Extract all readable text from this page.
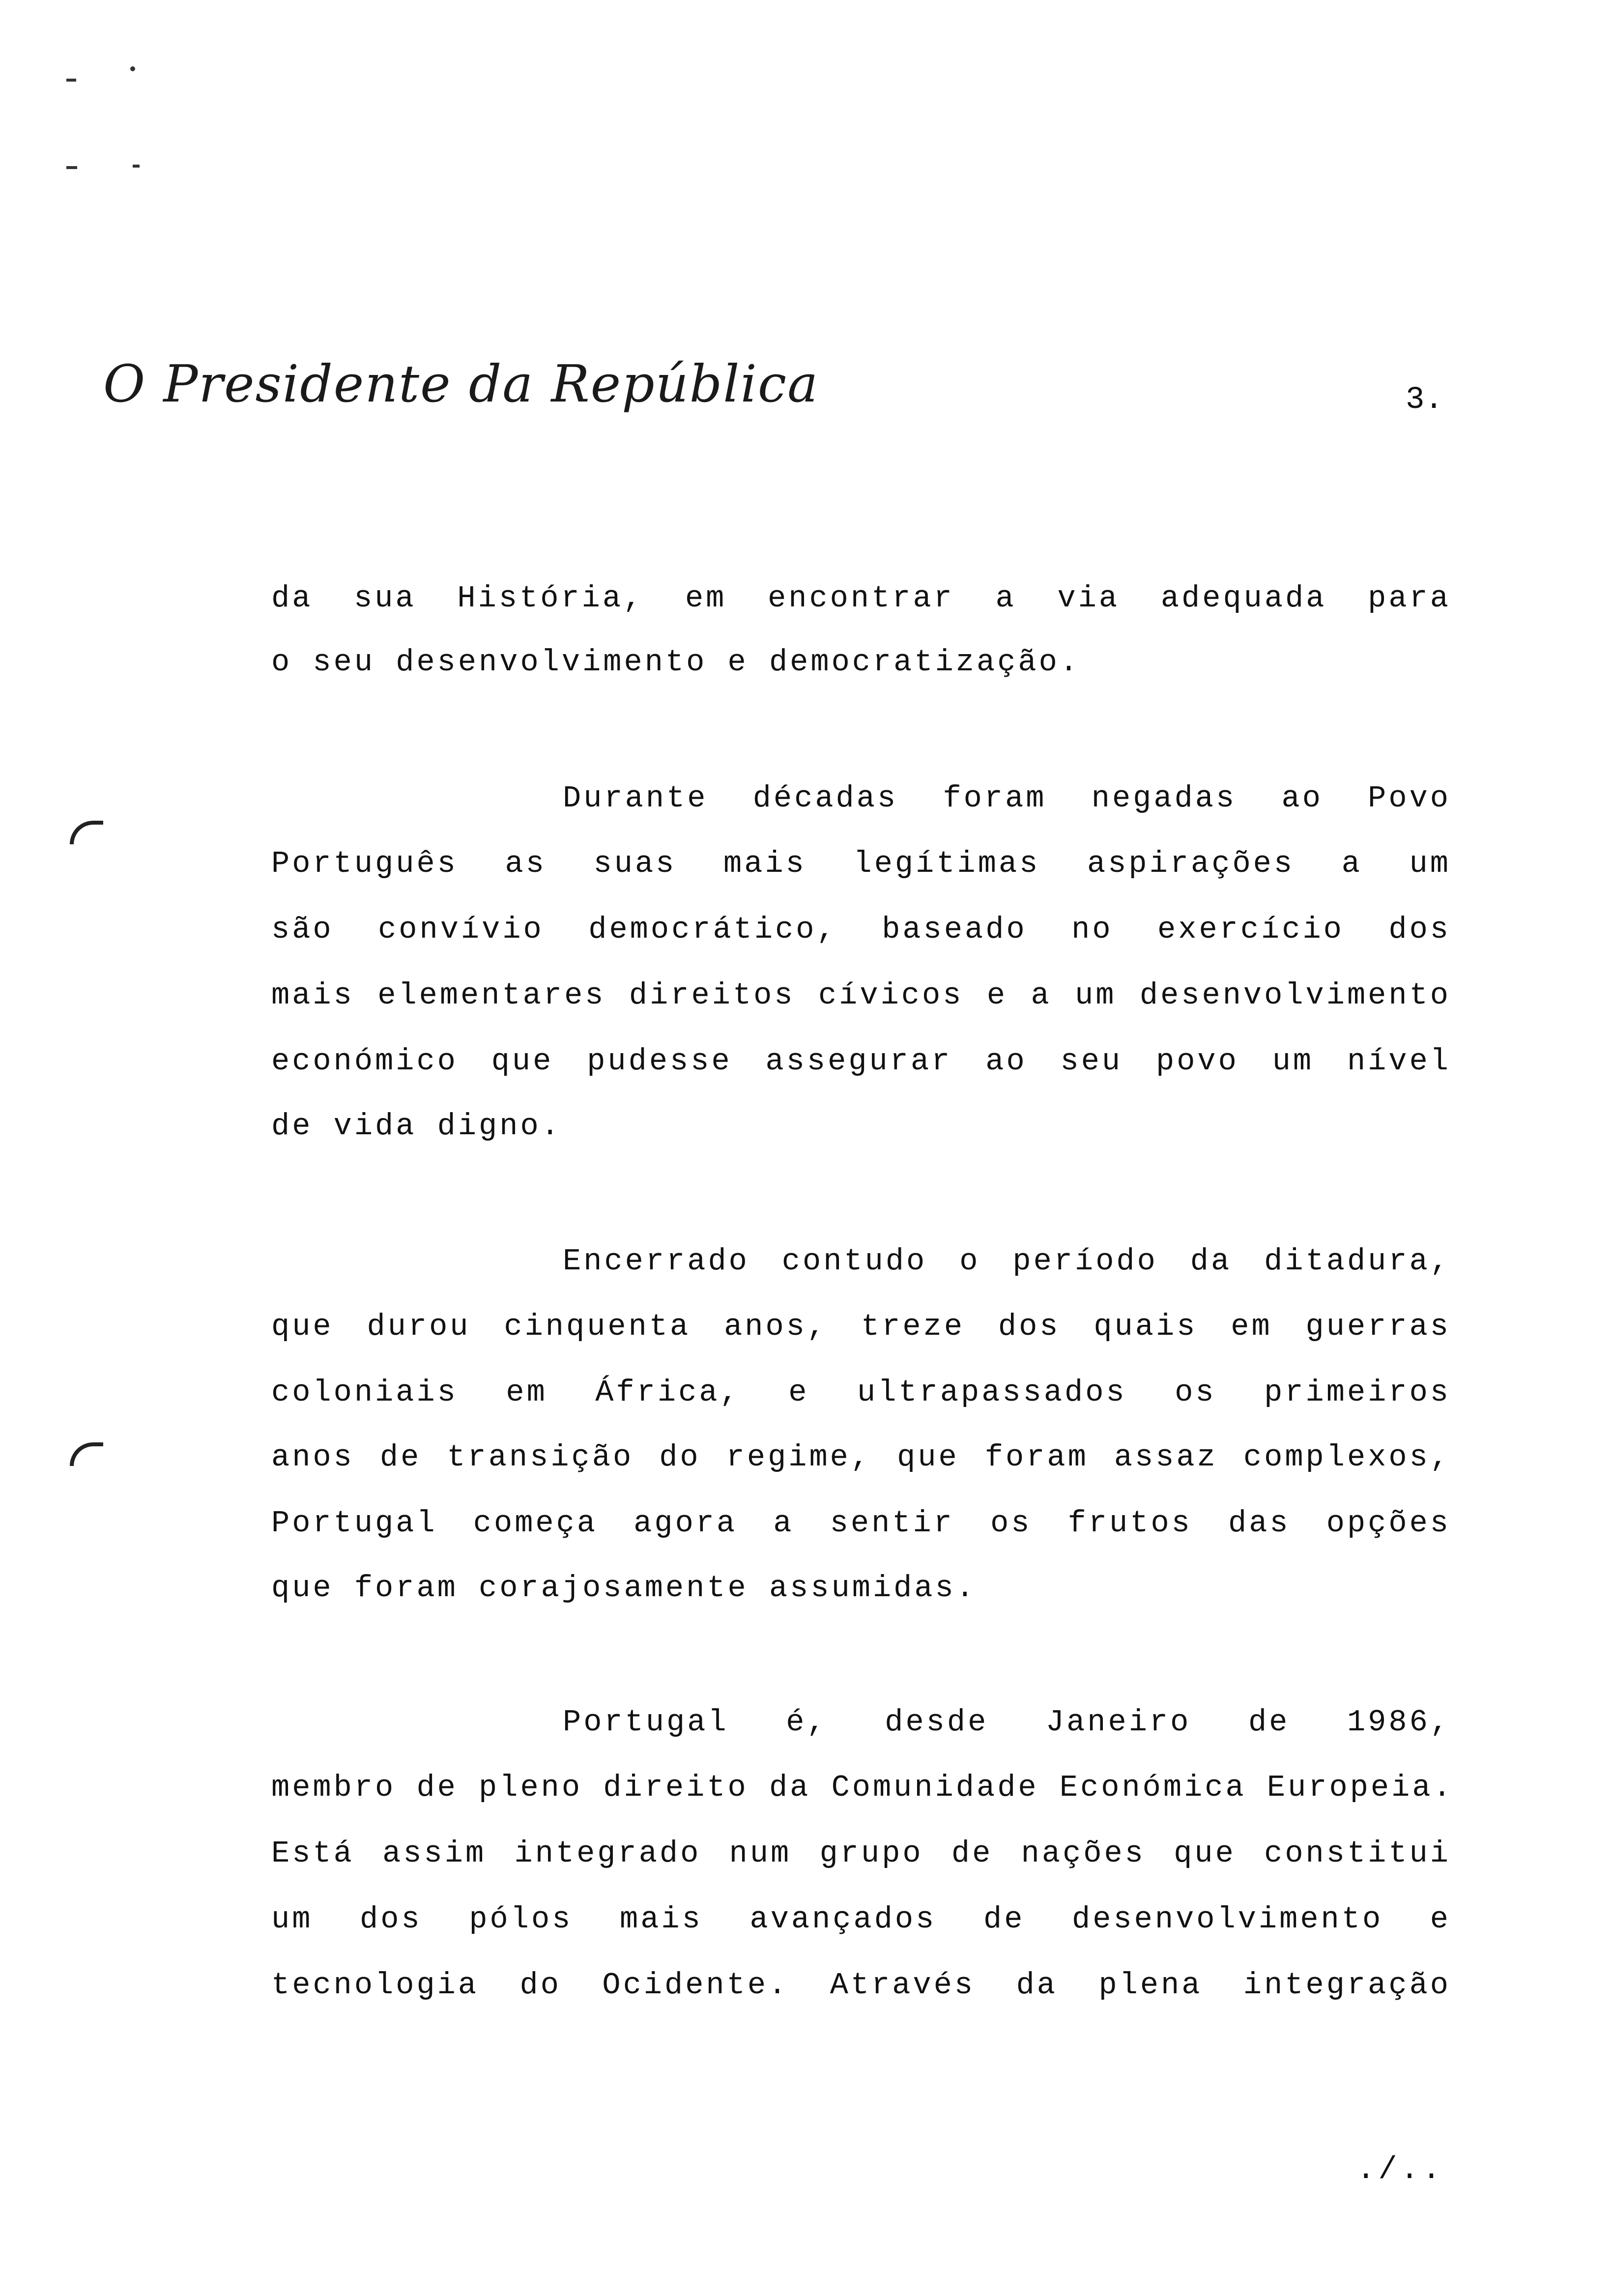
O Presidente da República	3.
da sua História, em encontrar a via adequada para
o seu desenvolvimento e democratização.
Durante décadas foram negadas ao Povo
Português as suas mais legítimas aspirações a um
são convívio democrático, baseado no exercício dos
mais elementares direitos cívicos e a um desenvolvimento
económico que pudesse assegurar ao seu povo um nível
de vida digno.
Encerrado contudo o período da ditadura,
que durou cinquenta anos, treze dos quais em guerras
coloniais em África, e ultrapassados os primeiros
anos de transição do regime, que foram assaz complexos,
Portugal começa agora a sentir os frutos das opções
que foram corajosamente assumidas.
Portugal é, desde Janeiro de 1986,
membro de pleno direito da Comunidade Económica Europeia.
Está assim integrado num grupo de nações que constitui
um dos pólos mais avançados de desenvolvimento e
tecnologia do Ocidente. Através da plena integração
./..
